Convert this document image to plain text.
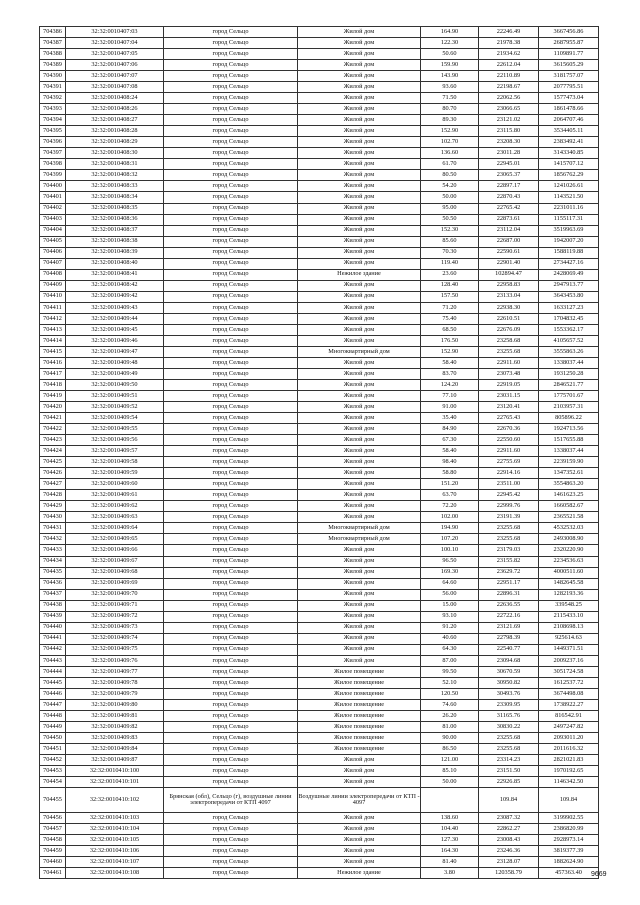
704386	32:32:0010407:03	город Сельцо	Жилой дом	164.90	22246.49	3667456.86
704387	32:32:0010407:04	город Сельцо	Жилой дом	122.30	21978.38	2687955.87
704388	32:32:0010407:05	город Сельцо	Жилой дом	50.60	21934.62	1109891.77
704389	32:32:0010407:06	город Сельцо	Жилой дом	159.90	22612.04	3615605.29
704390	32:32:0010407:07	город Сельцо	Жилой дом	143.90	22110.89	3181757.07
704391	32:32:0010407:08	город Сельцо	Жилой дом	93.60	22198.67	2077795.51
704392	32:32:0010408:24	город Сельцо	Жилой дом	71.50	22062.56	1577473.04
704393	32:32:0010408:26	город Сельцо	Жилой дом	80.70	23066.65	1861478.66
704394	32:32:0010408:27	город Сельцо	Жилой дом	89.30	23121.02	2064707.46
704395	32:32:0010408:28	город Сельцо	Жилой дом	152.90	23115.80	3534405.11
704396	32:32:0010408:29	город Сельцо	Жилой дом	102.70	23208.30	2383492.41
704397	32:32:0010408:30	город Сельцо	Жилой дом	136.60	23011.28	3143340.85
704398	32:32:0010408:31	город Сельцо	Жилой дом	61.70	22945.01	1415707.12
704399	32:32:0010408:32	город Сельцо	Жилой дом	80.50	23065.37	1856762.29
704400	32:32:0010408:33	город Сельцо	Жилой дом	54.20	22897.17	1241026.61
704401	32:32:0010408:34	город Сельцо	Жилой дом	50.00	22870.43	1143521.50
704402	32:32:0010408:35	город Сельцо	Жилой дом	95.00	22765.42	2231011.16
704403	32:32:0010408:36	город Сельцо	Жилой дом	50.50	22873.61	1155117.31
704404	32:32:0010408:37	город Сельцо	Жилой дом	152.30	23112.04	3519963.69
704405	32:32:0010408:38	город Сельцо	Жилой дом	85.60	22687.00	1942007.20
704406	32:32:0010408:39	город Сельцо	Жилой дом	70.30	22590.61	1588119.88
704407	32:32:0010408:40	город Сельцо	Жилой дом	119.40	22901.40	2734427.16
704408	32:32:0010408:41	город Сельцо	Нежилое здание	23.60	102894.47	2428069.49
704409	32:32:0010408:42	город Сельцо	Жилой дом	128.40	22958.83	2947913.77
704410	32:32:0010409:42	город Сельцо	Жилой дом	157.50	23133.04	3643453.80
704411	32:32:0010409:43	город Сельцо	Жилой дом	71.20	22938.30	1633127.23
704412	32:32:0010409:44	город Сельцо	Жилой дом	75.40	22610.51	1704832.45
704413	32:32:0010409:45	город Сельцо	Жилой дом	68.50	22676.09	1553362.17
704414	32:32:0010409:46	город Сельцо	Жилой дом	176.50	23258.68	4105657.52
704415	32:32:0010409:47	город Сельцо	Многоквартирный дом	152.90	23255.68	3555863.26
704416	32:32:0010409:48	город Сельцо	Жилой дом	58.40	22911.60	1338037.44
704417	32:32:0010409:49	город Сельцо	Жилой дом	83.70	23073.48	1931250.28
704418	32:32:0010409:50	город Сельцо	Жилой дом	124.20	22919.05	2846521.77
704419	32:32:0010409:51	город Сельцо	Жилой дом	77.10	23031.15	1775701.67
704420	32:32:0010409:52	город Сельцо	Жилой дом	91.00	23120.41	2103957.31
704421	32:32:0010409:54	город Сельцо	Жилой дом	35.40	22765.43	805896.22
704422	32:32:0010409:55	город Сельцо	Жилой дом	84.90	22670.36	1924713.56
704423	32:32:0010409:56	город Сельцо	Жилой дом	67.30	22550.60	1517655.88
704424	32:32:0010409:57	город Сельцо	Жилой дом	58.40	22911.60	1338037.44
704425	32:32:0010409:58	город Сельцо	Жилой дом	98.40	22755.69	2239159.90
704426	32:32:0010409:59	город Сельцо	Жилой дом	58.80	22914.16	1347352.61
704427	32:32:0010409:60	город Сельцо	Жилой дом	151.20	23511.00	3554863.20
704428	32:32:0010409:61	город Сельцо	Жилой дом	63.70	22945.42	1461623.25
704429	32:32:0010409:62	город Сельцо	Жилой дом	72.20	22999.76	1660582.67
704430	32:32:0010409:63	город Сельцо	Жилой дом	102.00	23191.39	2365521.58
704431	32:32:0010409:64	город Сельцо	Многоквартирный дом	194.90	23255.68	4532532.03
704432	32:32:0010409:65	город Сельцо	Многоквартирный дом	107.20	23255.68	2493008.90
704433	32:32:0010409:66	город Сельцо	Жилой дом	100.10	23179.03	2320220.90
704434	32:32:0010409:67	город Сельцо	Жилой дом	96.50	23155.82	2234536.63
704435	32:32:0010409:68	город Сельцо	Жилой дом	169.30	23629.72	4000511.60
704436	32:32:0010409:69	город Сельцо	Жилой дом	64.60	22951.17	1482645.58
704437	32:32:0010409:70	город Сельцо	Жилой дом	56.00	22896.31	1282193.36
704438	32:32:0010409:71	город Сельцо	Жилой дом	15.00	22636.55	339548.25
704439	32:32:0010409:72	город Сельцо	Жилой дом	93.10	22722.16	2115433.10
704440	32:32:0010409:73	город Сельцо	Жилой дом	91.20	23121.69	2108698.13
704441	32:32:0010409:74	город Сельцо	Жилой дом	40.60	22798.39	925614.63
704442	32:32:0010409:75	город Сельцо	Жилой дом	64.30	22540.77	1449371.51
704443	32:32:0010409:76	город Сельцо	Жилой дом	87.00	23094.68	2009237.16
704444	32:32:0010409:77	город Сельцо	Жилое помещение	99.50	30670.59	3051724.58
704445	32:32:0010409:78	город Сельцо	Жилое помещение	52.10	30950.82	1612537.72
704446	32:32:0010409:79	город Сельцо	Жилое помещение	120.50	30493.76	3674498.08
704447	32:32:0010409:80	город Сельцо	Жилое помещение	74.60	23309.95	1738922.27
704448	32:32:0010409:81	город Сельцо	Жилое помещение	26.20	31165.76	816542.91
704449	32:32:0010409:82	город Сельцо	Жилое помещение	81.00	30830.22	2497247.82
704450	32:32:0010409:83	город Сельцо	Жилое помещение	90.00	23255.68	2093011.20
704451	32:32:0010409:84	город Сельцо	Жилое помещение	86.50	23255.68	2011616.32
704452	32:32:0010409:87	город Сельцо	Жилой дом	121.00	23314.23	2821021.83
704453	32:32:0010410:100	город Сельцо	Жилой дом	85.10	23151.50	1970192.65
704454	32:32:0010410:101	город Сельцо	Жилой дом	50.00	22926.85	1146342.50
704455	32:32:0010410:102	Брянская (обл), Сельцо (г), воздушные линии электропередачи от КТП 4097	Воздушные линии электропередачи от КТП - 4097		109.84	109.84
704456	32:32:0010410:103	город Сельцо	Жилой дом	138.60	23087.32	3199902.55
704457	32:32:0010410:104	город Сельцо	Жилой дом	104.40	22862.27	2386820.99
704458	32:32:0010410:105	город Сельцо	Жилой дом	127.30	23008.43	2928973.14
704459	32:32:0010410:106	город Сельцо	Жилой дом	164.30	23246.36	3819377.39
704460	32:32:0010410:107	город Сельцо	Жилой дом	81.40	23128.07	1882624.90
704461	32:32:0010410:108	город Сельцо	Нежилое здание	3.80	120358.79	457363.40 9669
